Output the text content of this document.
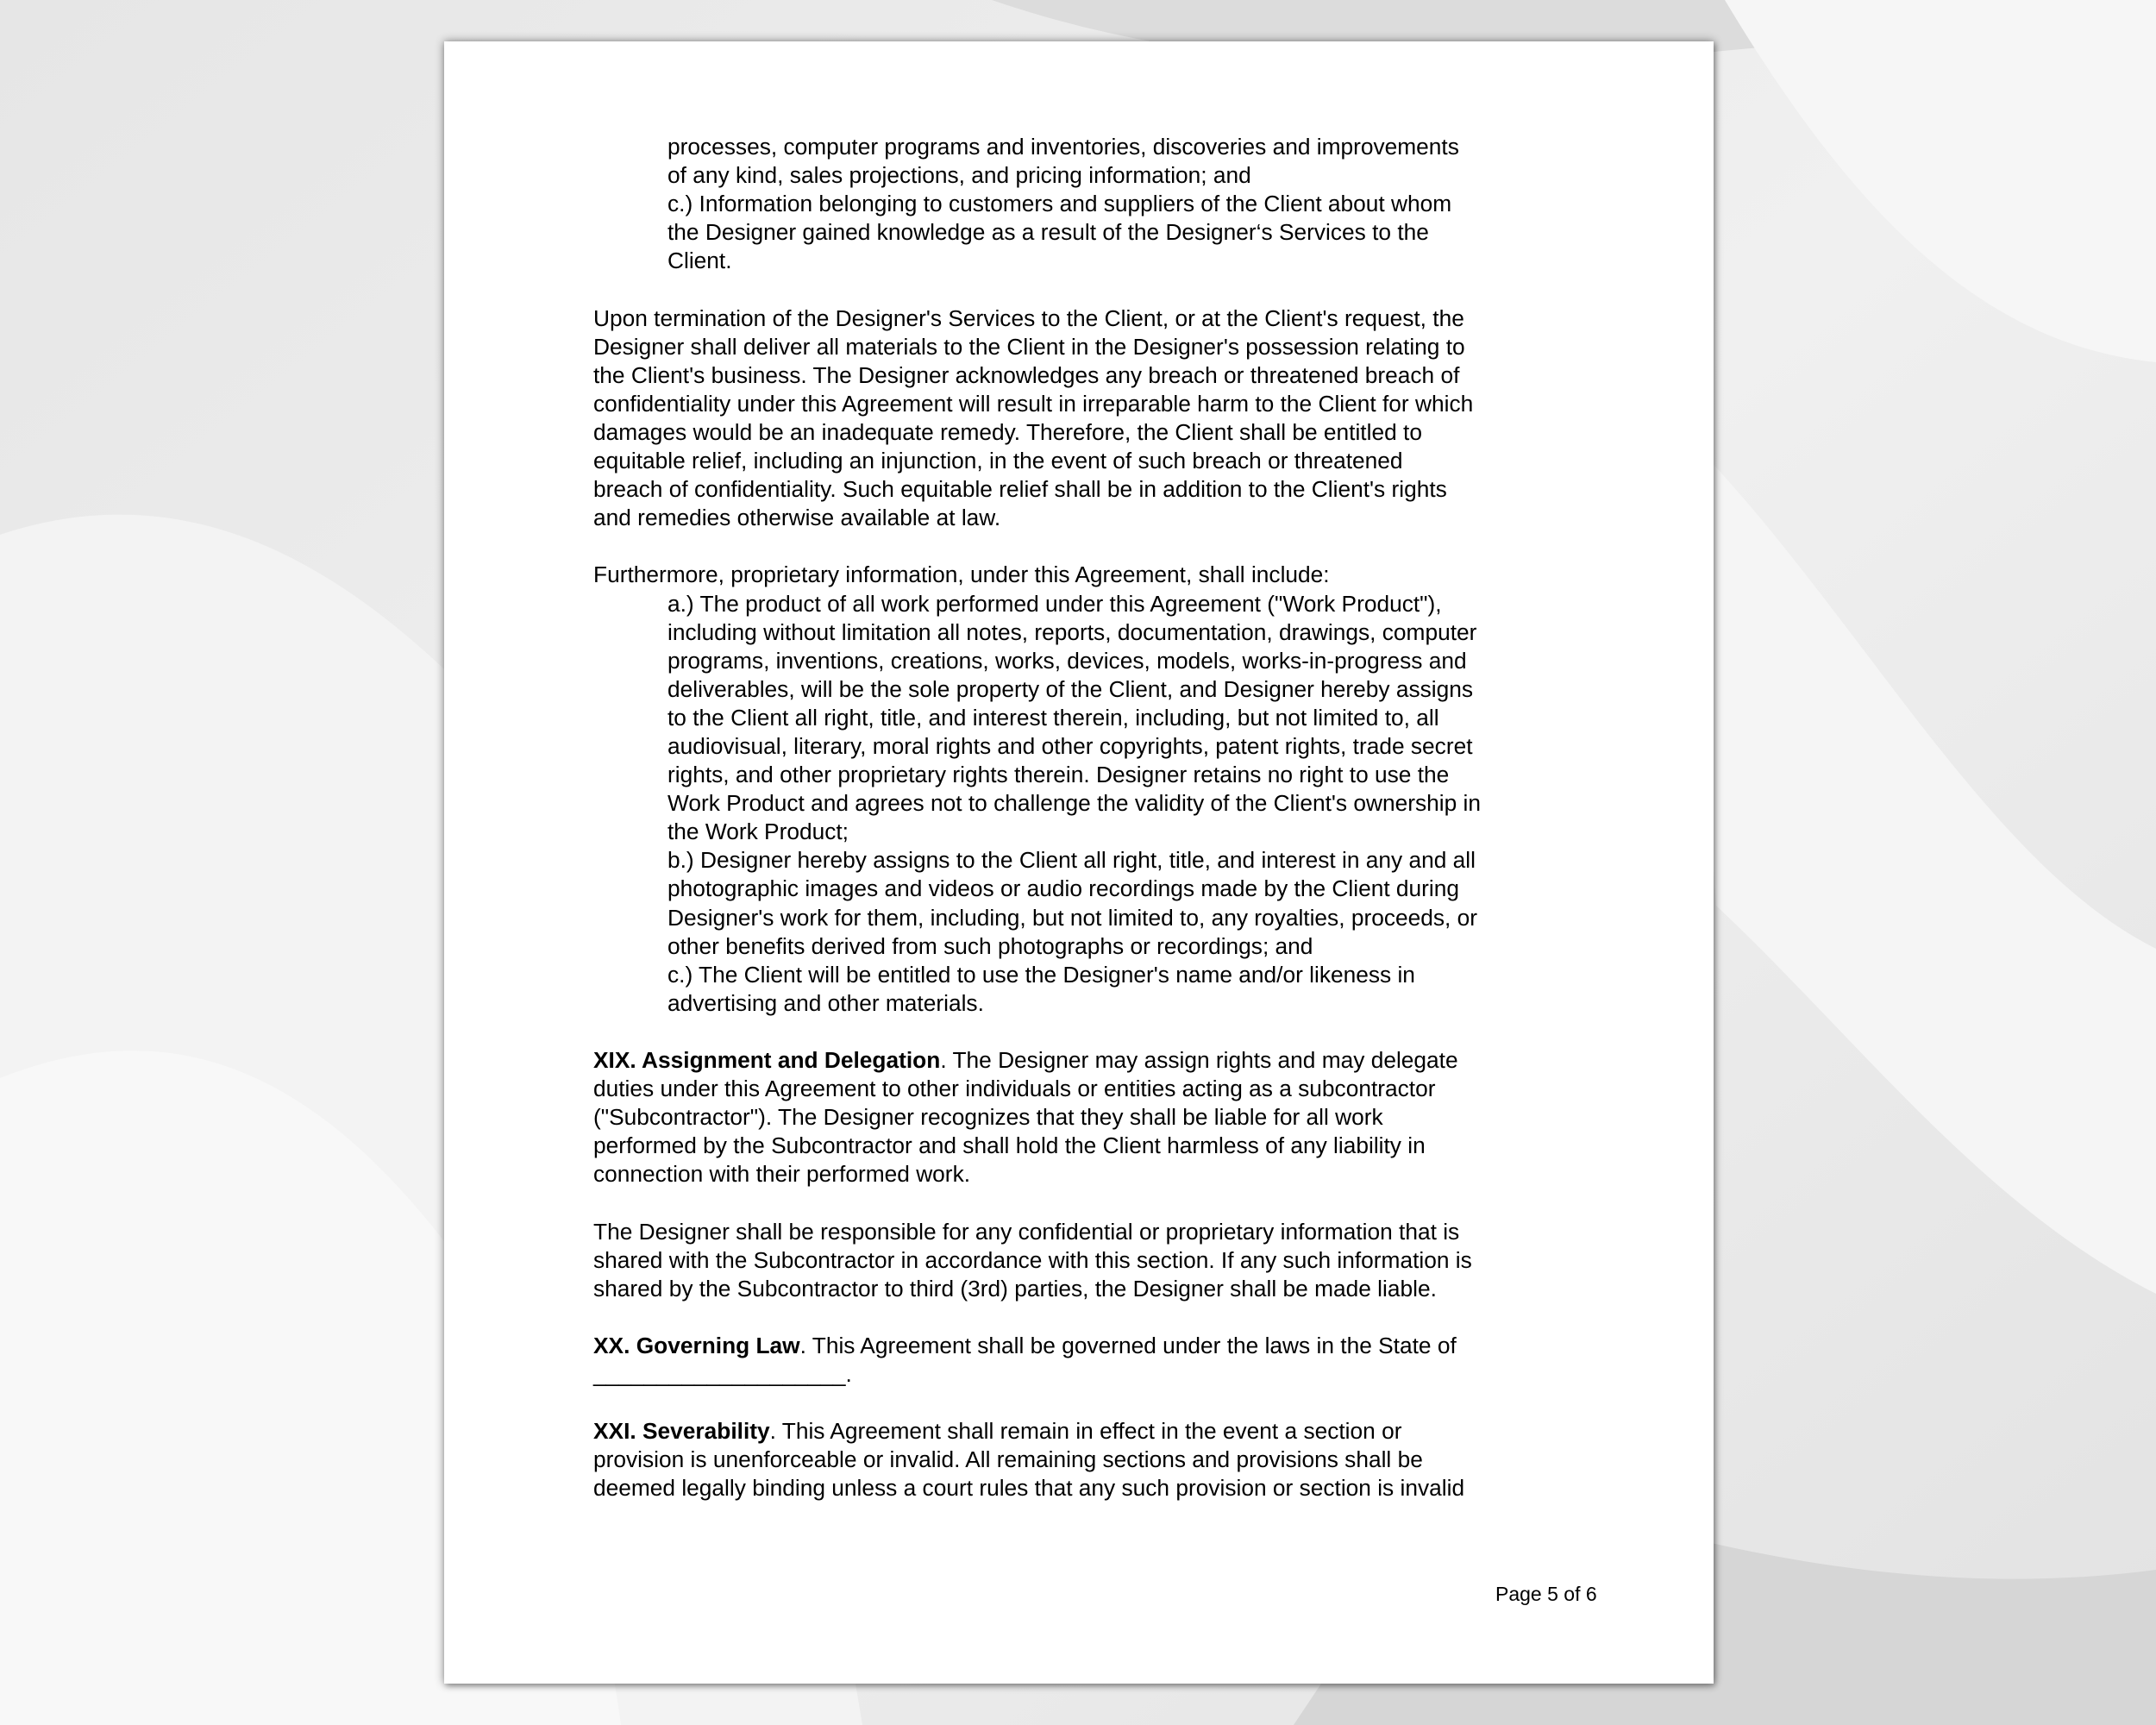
processes, computer programs and inventories, discoveries and improvements
of any kind, sales projections, and pricing information; and
c.) Information belonging to customers and suppliers of the Client about whom
the Designer gained knowledge as a result of the Designer‘s Services to the
Client.
Upon termination of the Designer's Services to the Client, or at the Client's request, the
Designer shall deliver all materials to the Client in the Designer's possession relating to
the Client's business. The Designer acknowledges any breach or threatened breach of
confidentiality under this Agreement will result in irreparable harm to the Client for which
damages would be an inadequate remedy. Therefore, the Client shall be entitled to
equitable relief, including an injunction, in the event of such breach or threatened
breach of confidentiality. Such equitable relief shall be in addition to the Client's rights
and remedies otherwise available at law.
Furthermore, proprietary information, under this Agreement, shall include:
a.) The product of all work performed under this Agreement ("Work Product"),
including without limitation all notes, reports, documentation, drawings, computer
programs, inventions, creations, works, devices, models, works-in-progress and
deliverables, will be the sole property of the Client, and Designer hereby assigns
to the Client all right, title, and interest therein, including, but not limited to, all
audiovisual, literary, moral rights and other copyrights, patent rights, trade secret
rights, and other proprietary rights therein. Designer retains no right to use the
Work Product and agrees not to challenge the validity of the Client's ownership in
the Work Product;
b.) Designer hereby assigns to the Client all right, title, and interest in any and all
photographic images and videos or audio recordings made by the Client during
Designer's work for them, including, but not limited to, any royalties, proceeds, or
other benefits derived from such photographs or recordings; and
c.) The Client will be entitled to use the Designer's name and/or likeness in
advertising and other materials.
XIX. Assignment and Delegation. The Designer may assign rights and may delegate
duties under this Agreement to other individuals or entities acting as a subcontractor
("Subcontractor"). The Designer recognizes that they shall be liable for all work
performed by the Subcontractor and shall hold the Client harmless of any liability in
connection with their performed work.
The Designer shall be responsible for any confidential or proprietary information that is
shared with the Subcontractor in accordance with this section. If any such information is
shared by the Subcontractor to third (3rd) parties, the Designer shall be made liable.
XX. Governing Law. This Agreement shall be governed under the laws in the State of
____________________.
XXI. Severability. This Agreement shall remain in effect in the event a section or
provision is unenforceable or invalid. All remaining sections and provisions shall be
deemed legally binding unless a court rules that any such provision or section is invalid
Page 5 of 6
